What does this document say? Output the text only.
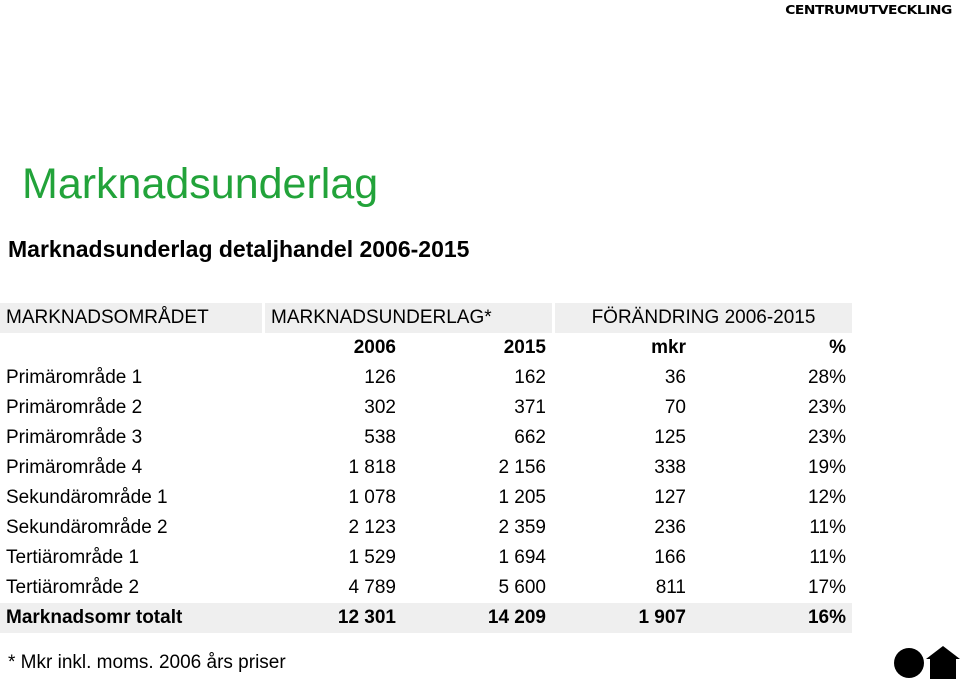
CENTRUMUTVECKLING
Marknadsunderlag
Marknadsunderlag detaljhandel 2006-2015
MARKNADSOMRÅDET	MARKNADSUNDERLAG*		FÖRÄNDRING 2006-2015	
	2006	2015	mkr	%
Primärområde 1	126	162	36	28%
Primärområde 2	302	371	70	23%
Primärområde 3	538	662	125	23%
Primärområde 4	1 818	2 156	338	19%
Sekundärområde 1	1 078	1 205	127	12%
Sekundärområde 2	2 123	2 359	236	11%
Tertiärområde 1	1 529	1 694	166	11%
Tertiärområde 2	4 789	5 600	811	17%
Marknadsomr totalt	12 301	14 209	1 907	16%
* Mkr inkl. moms. 2006 års priser
